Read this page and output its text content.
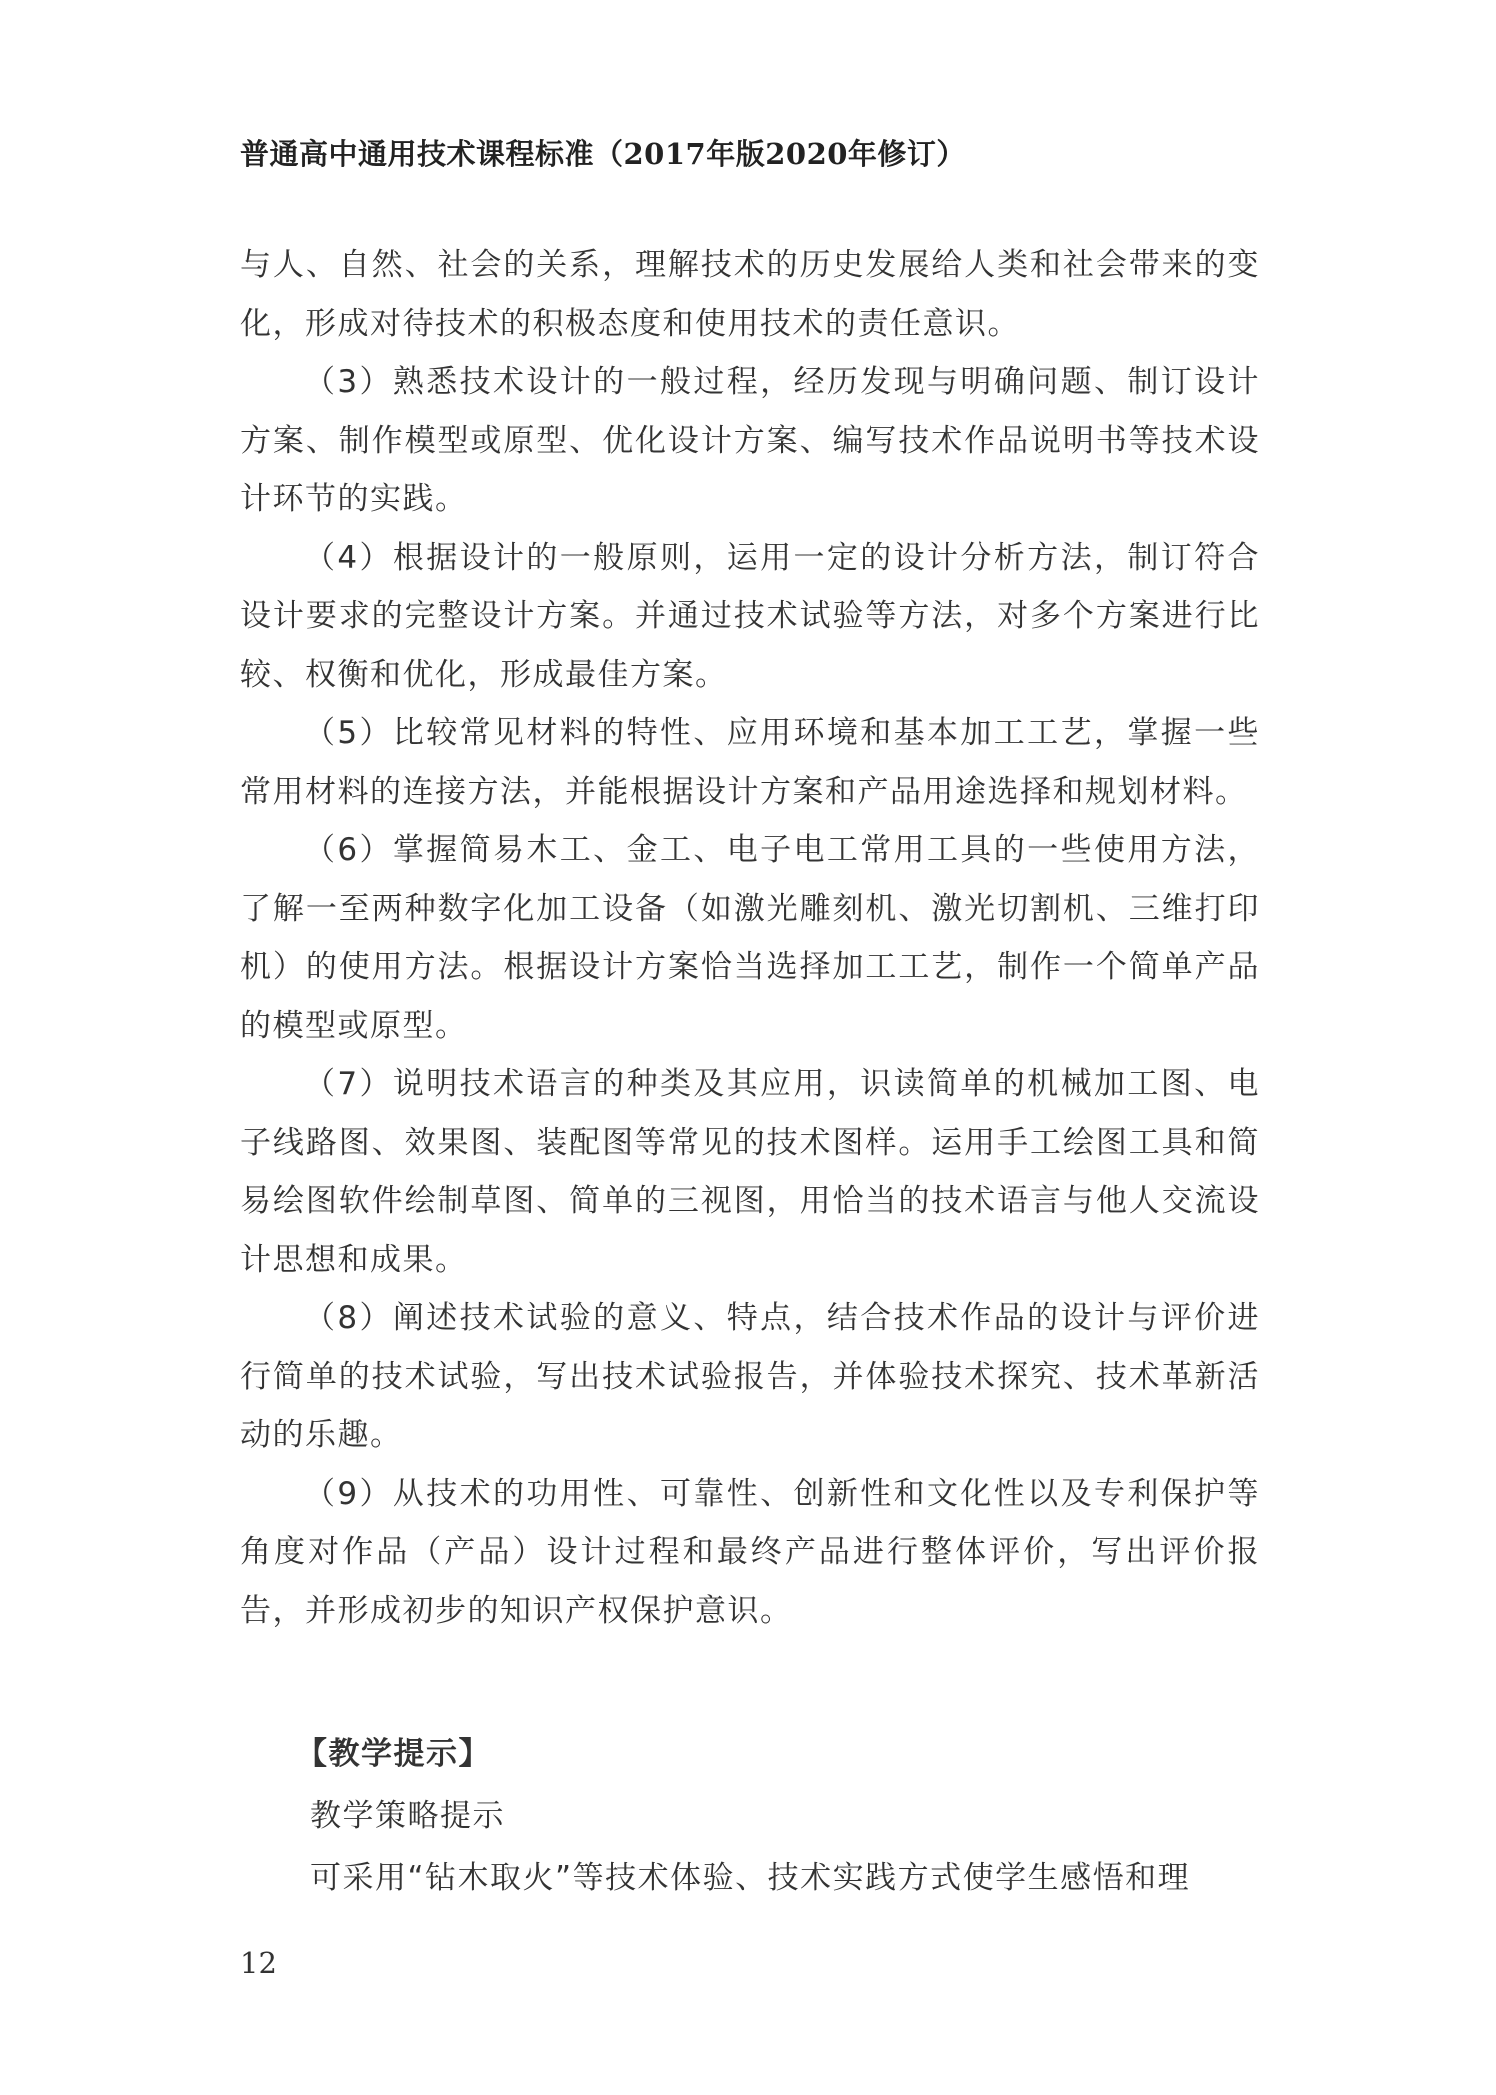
普通高中通用技术课程标准（2017年版2020年修订）

与人、自然、社会的关系，理解技术的历史发展给人类和社会带来的变化，形成对待技术的积极态度和使用技术的责任意识。

（3）熟悉技术设计的一般过程，经历发现与明确问题、制订设计方案、制作模型或原型、优化设计方案、编写技术作品说明书等技术设计环节的实践。

（4）根据设计的一般原则，运用一定的设计分析方法，制订符合设计要求的完整设计方案。并通过技术试验等方法，对多个方案进行比较、权衡和优化，形成最佳方案。

（5）比较常见材料的特性、应用环境和基本加工工艺，掌握一些常用材料的连接方法，并能根据设计方案和产品用途选择和规划材料。

（6）掌握简易木工、金工、电子电工常用工具的一些使用方法，了解一至两种数字化加工设备（如激光雕刻机、激光切割机、三维打印机）的使用方法。根据设计方案恰当选择加工工艺，制作一个简单产品的模型或原型。

（7）说明技术语言的种类及其应用，识读简单的机械加工图、电子线路图、效果图、装配图等常见的技术图样。运用手工绘图工具和简易绘图软件绘制草图、简单的三视图，用恰当的技术语言与他人交流设计思想和成果。

（8）阐述技术试验的意义、特点，结合技术作品的设计与评价进行简单的技术试验，写出技术试验报告，并体验技术探究、技术革新活动的乐趣。

（9）从技术的功用性、可靠性、创新性和文化性以及专利保护等角度对作品（产品）设计过程和最终产品进行整体评价，写出评价报告，并形成初步的知识产权保护意识。

【教学提示】
教学策略提示
可采用“钻木取火”等技术体验、技术实践方式使学生感悟和理
12
